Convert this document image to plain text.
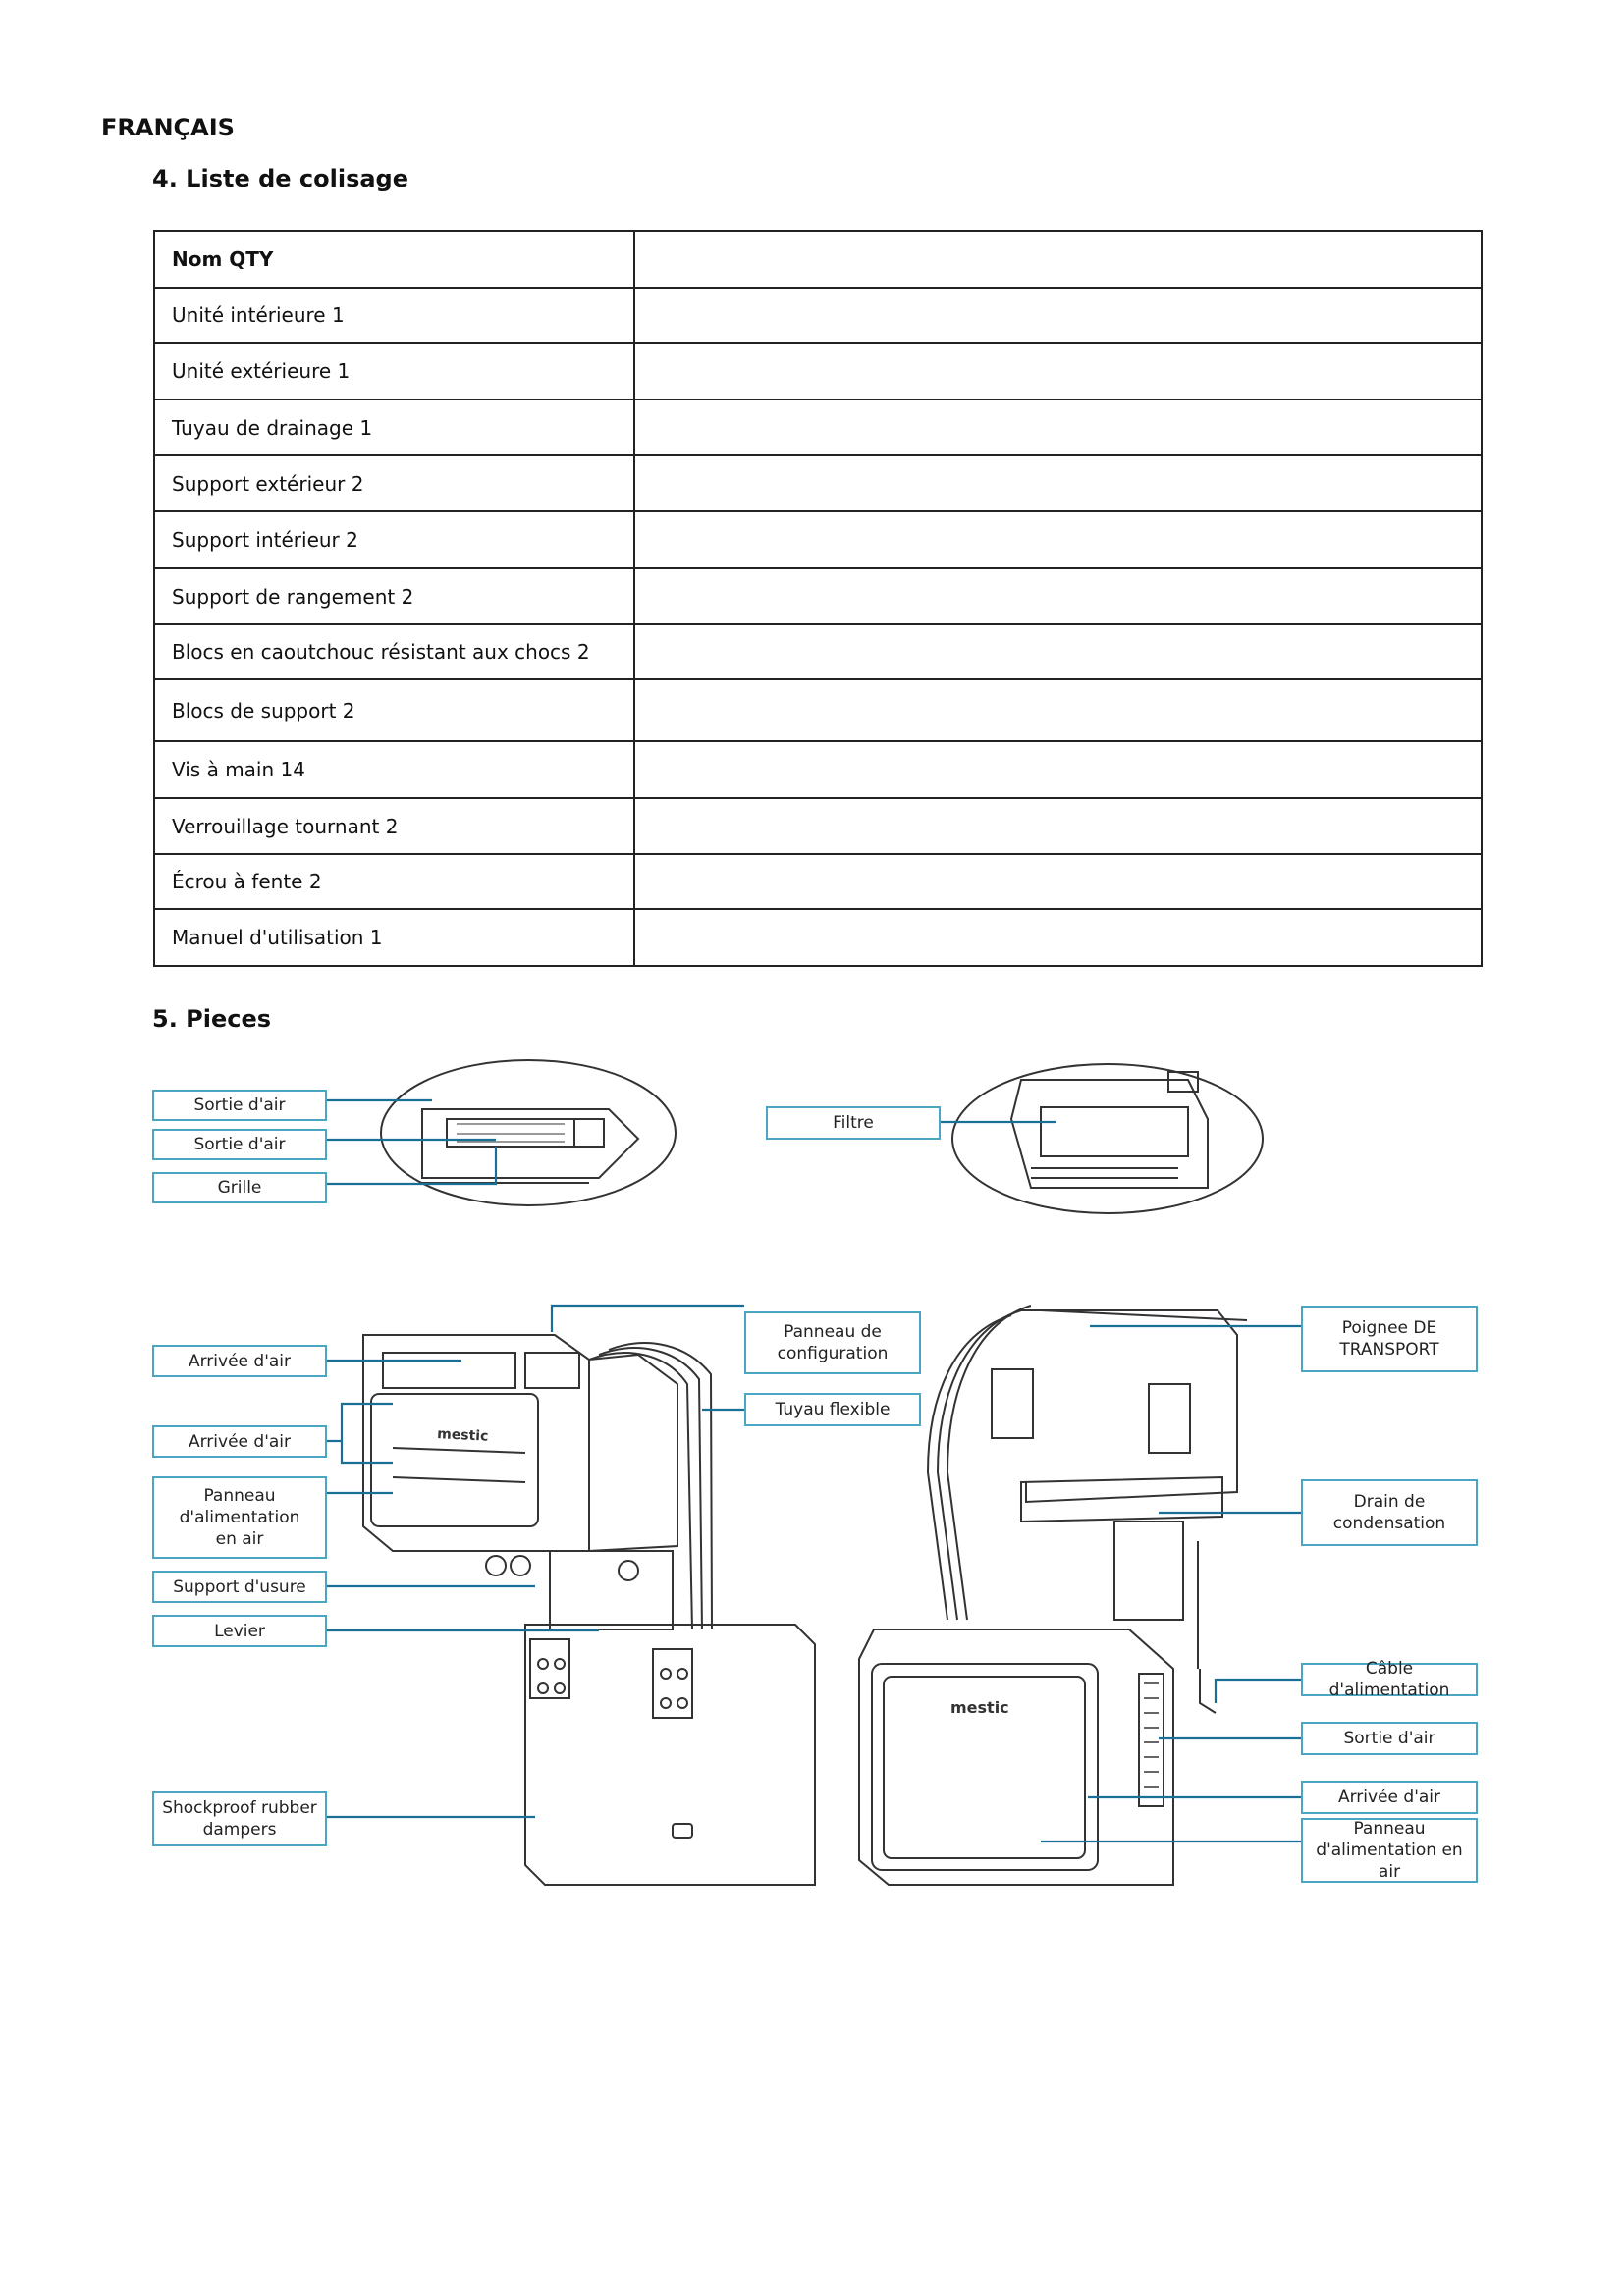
FRANÇAIS
4. Liste de colisage
Nom QTY	
Unité intérieure 1	
Unité extérieure 1	
Tuyau de drainage 1	
Support extérieur 2	
Support intérieur 2	
Support de rangement 2	
Blocs en caoutchouc résistant aux chocs 2	
Blocs de support 2	
Vis à main 14	
Verrouillage tournant 2	
Écrou à fente 2	
Manuel d'utilisation 1	
5. Pieces
mestic
mestic
Sortie d'air
Sortie d'air
Grille
Filtre
Arrivée d'air
Arrivée d'air
Panneau
d'alimentation
en air
Support d'usure
Levier
Shockproof rubber
dampers
Panneau de
configuration
Tuyau flexible
Poignee DE
TRANSPORT
Drain de
condensation
Câble d'alimentation
Sortie d'air
Arrivée d'air
Panneau
d'alimentation en air
